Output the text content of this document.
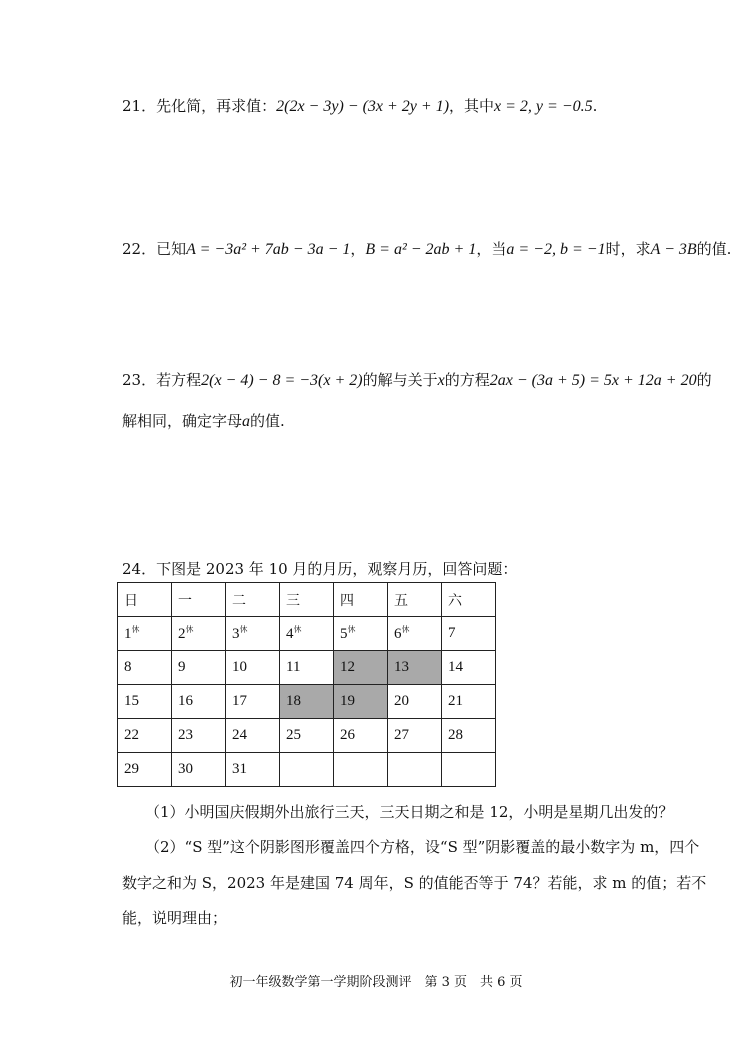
21．先化简，再求值：2(2x − 3y) − (3x + 2y + 1)，其中x = 2, y = −0.5.
22．已知A = −3a² + 7ab − 3a − 1，B = a² − 2ab + 1，当a = −2, b = −1时，求A − 3B的值.
23．若方程2(x − 4) − 8 = −3(x + 2)的解与关于x的方程2ax − (3a + 5) = 5x + 12a + 20的
解相同，确定字母a的值.
24．下图是 2023 年 10 月的月历，观察月历，回答问题：
日	一	二	三	四	五	六
$1^休$	$2^休$	$3^休$	$4^休$	$5^休$	$6^休$	7
8	9	10	11	12	13	14
15	16	17	18	19	20	21
22	23	24	25	26	27	28
29	30	31				
（1）小明国庆假期外出旅行三天，三天日期之和是 12，小明是星期几出发的？
（2）“S 型”这个阴影图形覆盖四个方格，设“S 型”阴影覆盖的最小数字为 m，四个
数字之和为 S，2023 年是建国 74 周年，S 的值能否等于 74？若能，求 m 的值；若不
能，说明理由；
初一年级数学第一学期阶段测评　第 3 页　共 6 页
